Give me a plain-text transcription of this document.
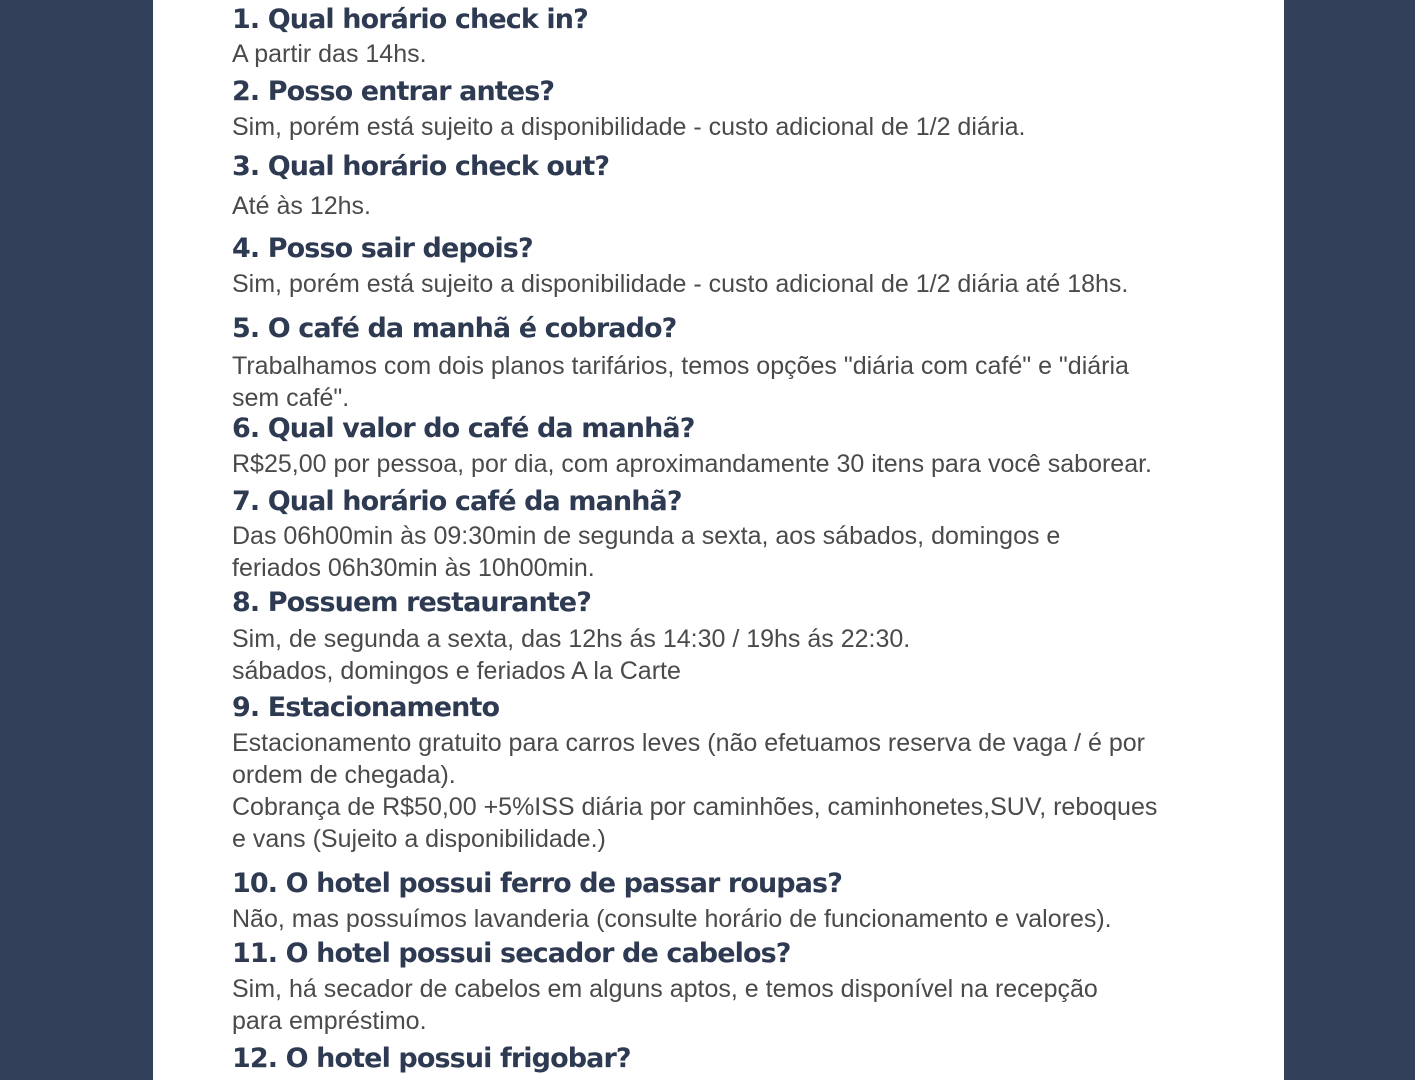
1. Qual horário check in?
A partir das 14hs.
2. Posso entrar antes?
Sim, porém está sujeito a disponibilidade - custo adicional de 1/2 diária.
3. Qual horário check out?
Até às 12hs.
4. Posso sair depois?
Sim, porém está sujeito a disponibilidade - custo adicional de 1/2 diária até 18hs.
5. O café da manhã é cobrado?
Trabalhamos com dois planos tarifários, temos opções "diária com café" e "diária
sem café".
6. Qual valor do café da manhã?
R$25,00 por pessoa, por dia, com aproximandamente 30 itens para você saborear.
7. Qual horário café da manhã?
Das 06h00min às 09:30min de segunda a sexta, aos sábados, domingos e
feriados 06h30min às 10h00min.
8. Possuem restaurante?
Sim, de segunda a sexta, das 12hs ás 14:30 / 19hs ás 22:30.
sábados, domingos e feriados A la Carte
9. Estacionamento
Estacionamento gratuito para carros leves (não efetuamos reserva de vaga / é por
ordem de chegada).
Cobrança de R$50,00 +5%ISS diária por caminhões, caminhonetes,SUV, reboques
e vans (Sujeito a disponibilidade.)
10. O hotel possui ferro de passar roupas?
Não, mas possuímos lavanderia (consulte horário de funcionamento e valores).
11. O hotel possui secador de cabelos?
Sim, há secador de cabelos em alguns aptos, e temos disponível na recepção
para empréstimo.
12. O hotel possui frigobar?
